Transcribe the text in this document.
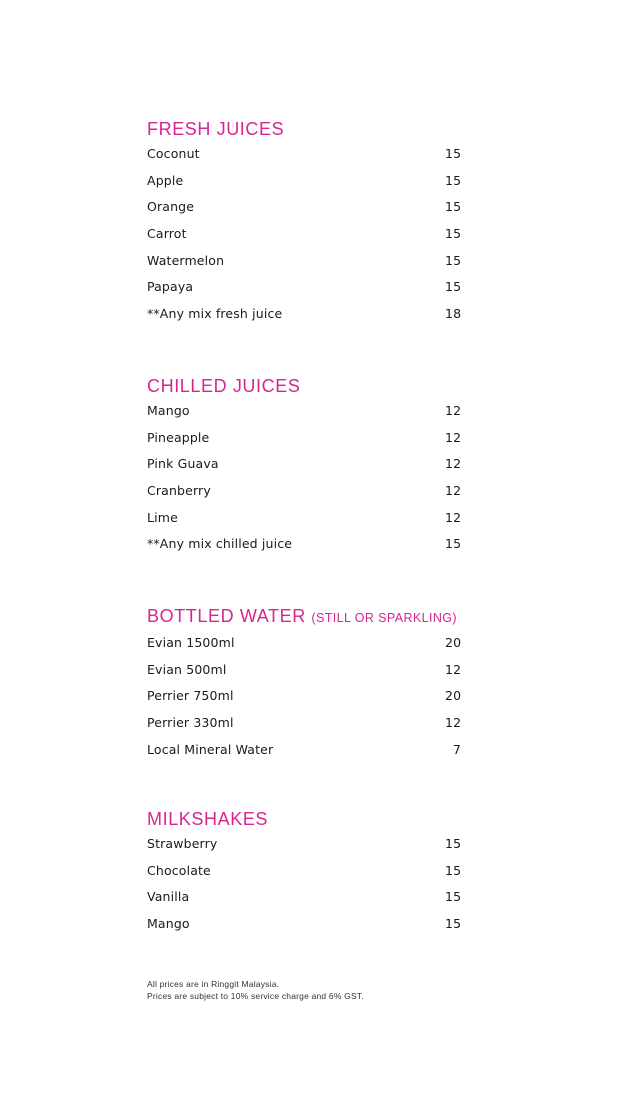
FRESH JUICES
Coconut	15
Apple	15
Orange	15
Carrot	15
Watermelon	15
Papaya	15
**Any mix fresh juice	18
CHILLED JUICES
Mango	12
Pineapple	12
Pink Guava	12
Cranberry	12
Lime	12
**Any mix chilled juice	15
BOTTLED WATER (STILL OR SPARKLING)
Evian 1500ml	20
Evian 500ml	12
Perrier 750ml	20
Perrier 330ml	12
Local Mineral Water	7
MILKSHAKES
Strawberry	15
Chocolate	15
Vanilla	15
Mango	15
All prices are in Ringgit Malaysia.
Prices are subject to 10% service charge and 6% GST.
